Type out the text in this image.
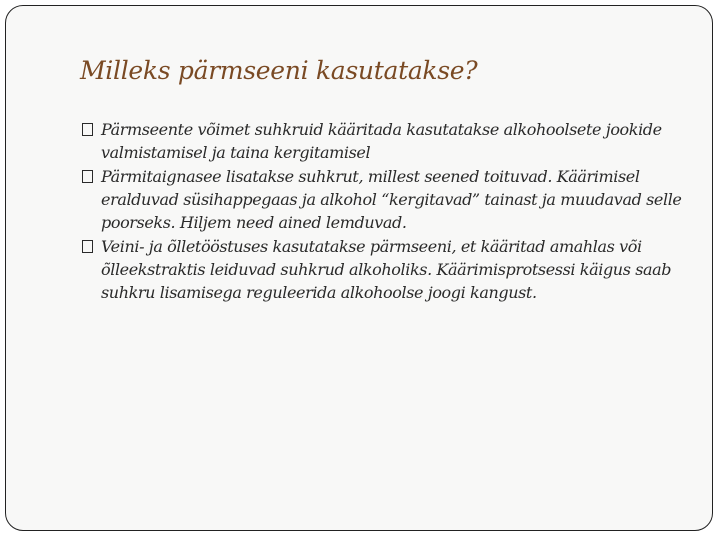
Milleks pärmseeni kasutatakse?
Pärmseente võimet suhkruid kääritada kasutatakse alkohoolsete jookide valmistamisel ja taina kergitamisel
Pärmitaignasee lisatakse suhkrut, millest seened toituvad. Käärimisel eralduvad süsihappegaas ja alkohol “kergitavad” tainast ja muudavad selle poorseks. Hiljem need ained lemduvad.
Veini- ja õlletööstuses kasutatakse pärmseeni, et kääritad amahlas või õlleekstraktis leiduvad suhkrud alkoholiks. Käärimisprotsessi käigus saab suhkru lisamisega reguleerida alkohoolse joogi kangust.
